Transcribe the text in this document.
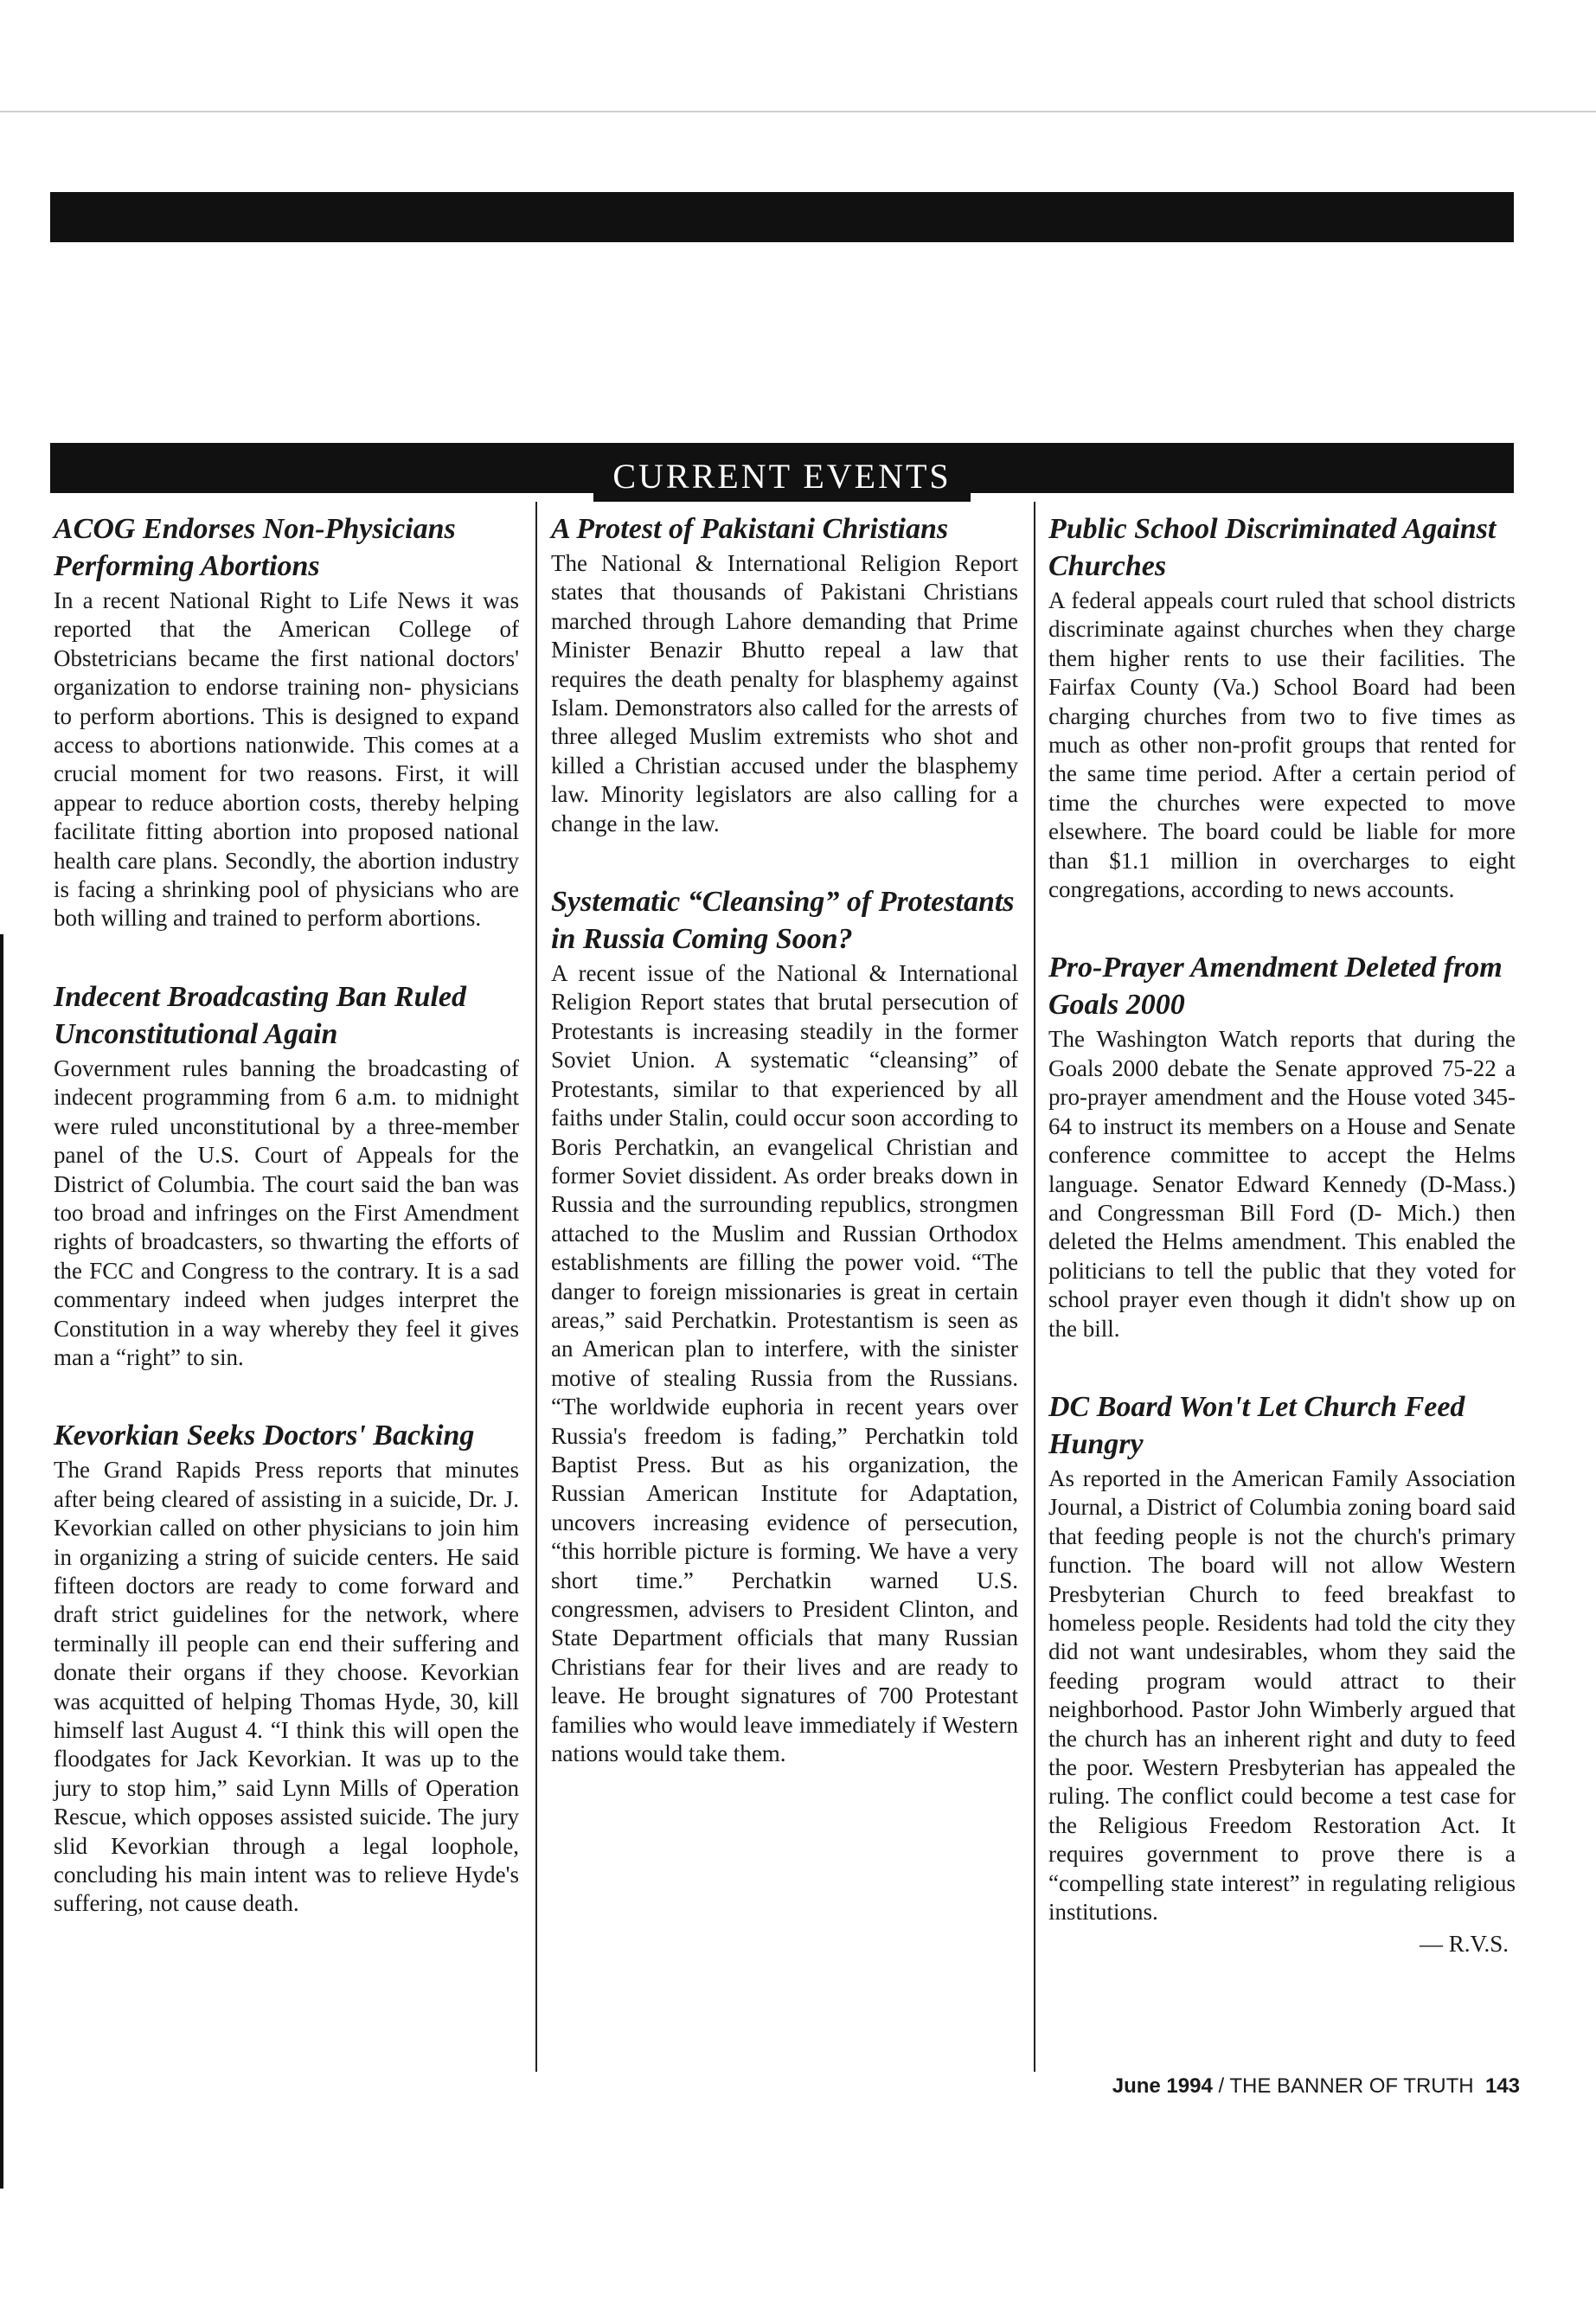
CURRENT EVENTS
ACOG Endorses Non-Physicians Performing Abortions

In a recent National Right to Life News it was reported that the American College of Obstetricians became the first national doctors' organization to endorse training non- physicians to perform abortions. This is designed to expand access to abortions nationwide. This comes at a crucial moment for two reasons. First, it will appear to reduce abortion costs, thereby helping facilitate fitting abortion into proposed national health care plans. Secondly, the abortion industry is facing a shrinking pool of physicians who are both willing and trained to perform abortions.

Indecent Broadcasting Ban Ruled Unconstitutional Again

Government rules banning the broadcasting of indecent programming from 6 a.m. to midnight were ruled unconstitutional by a three-member panel of the U.S. Court of Appeals for the District of Columbia. The court said the ban was too broad and infringes on the First Amendment rights of broadcasters, so thwarting the efforts of the FCC and Congress to the contrary. It is a sad commentary indeed when judges interpret the Constitution in a way whereby they feel it gives man a “right” to sin.

Kevorkian Seeks Doctors' Backing

The Grand Rapids Press reports that minutes after being cleared of assisting in a suicide, Dr. J. Kevorkian called on other physicians to join him in organizing a string of suicide centers. He said fifteen doctors are ready to come forward and draft strict guidelines for the network, where terminally ill people can end their suffering and donate their organs if they choose. Kevorkian was acquitted of helping Thomas Hyde, 30, kill himself last August 4. “I think this will open the floodgates for Jack Kevorkian. It was up to the jury to stop him,” said Lynn Mills of Operation Rescue, which opposes assisted suicide. The jury slid Kevorkian through a legal loophole, concluding his main intent was to relieve Hyde's suffering, not cause death.

A Protest of Pakistani Christians

The National & International Religion Report states that thousands of Pakistani Christians marched through Lahore demanding that Prime Minister Benazir Bhutto repeal a law that requires the death penalty for blasphemy against Islam. Demonstrators also called for the arrests of three alleged Muslim extremists who shot and killed a Christian accused under the blasphemy law. Minority legislators are also calling for a change in the law.

Systematic “Cleansing” of Protestants in Russia Coming Soon?

A recent issue of the National & International Religion Report states that brutal persecution of Protestants is increasing steadily in the former Soviet Union. A systematic “cleansing” of Protestants, similar to that experienced by all faiths under Stalin, could occur soon according to Boris Perchatkin, an evangelical Christian and former Soviet dissident. As order breaks down in Russia and the surrounding republics, strongmen attached to the Muslim and Russian Orthodox establishments are filling the power void. “The danger to foreign missionaries is great in certain areas,” said Perchatkin. Protestantism is seen as an American plan to interfere, with the sinister motive of stealing Russia from the Russians. “The worldwide euphoria in recent years over Russia's freedom is fading,” Perchatkin told Baptist Press. But as his organization, the Russian American Institute for Adaptation, uncovers increasing evidence of persecution, “this horrible picture is forming. We have a very short time.” Perchatkin warned U.S. congressmen, advisers to President Clinton, and State Department officials that many Russian Christians fear for their lives and are ready to leave. He brought signatures of 700 Protestant families who would leave immediately if Western nations would take them.

Public School Discriminated Against Churches

A federal appeals court ruled that school districts discriminate against churches when they charge them higher rents to use their facilities. The Fairfax County (Va.) School Board had been charging churches from two to five times as much as other non-profit groups that rented for the same time period. After a certain period of time the churches were expected to move elsewhere. The board could be liable for more than $1.1 million in overcharges to eight congregations, according to news accounts.

Pro-Prayer Amendment Deleted from Goals 2000

The Washington Watch reports that during the Goals 2000 debate the Senate approved 75-22 a pro-prayer amendment and the House voted 345-64 to instruct its members on a House and Senate conference committee to accept the Helms language. Senator Edward Kennedy (D-Mass.) and Congressman Bill Ford (D- Mich.) then deleted the Helms amendment. This enabled the politicians to tell the public that they voted for school prayer even though it didn't show up on the bill.

DC Board Won't Let Church Feed Hungry

As reported in the American Family Association Journal, a District of Columbia zoning board said that feeding people is not the church's primary function. The board will not allow Western Presbyterian Church to feed breakfast to homeless people. Residents had told the city they did not want undesirables, whom they said the feeding program would attract to their neighborhood. Pastor John Wimberly argued that the church has an inherent right and duty to feed the poor. Western Presbyterian has appealed the ruling. The conflict could become a test case for the Religious Freedom Restoration Act. It requires government to prove there is a “compelling state interest” in regulating religious institutions.

— R.V.S.
June 1994 / THE BANNER OF TRUTH 143
